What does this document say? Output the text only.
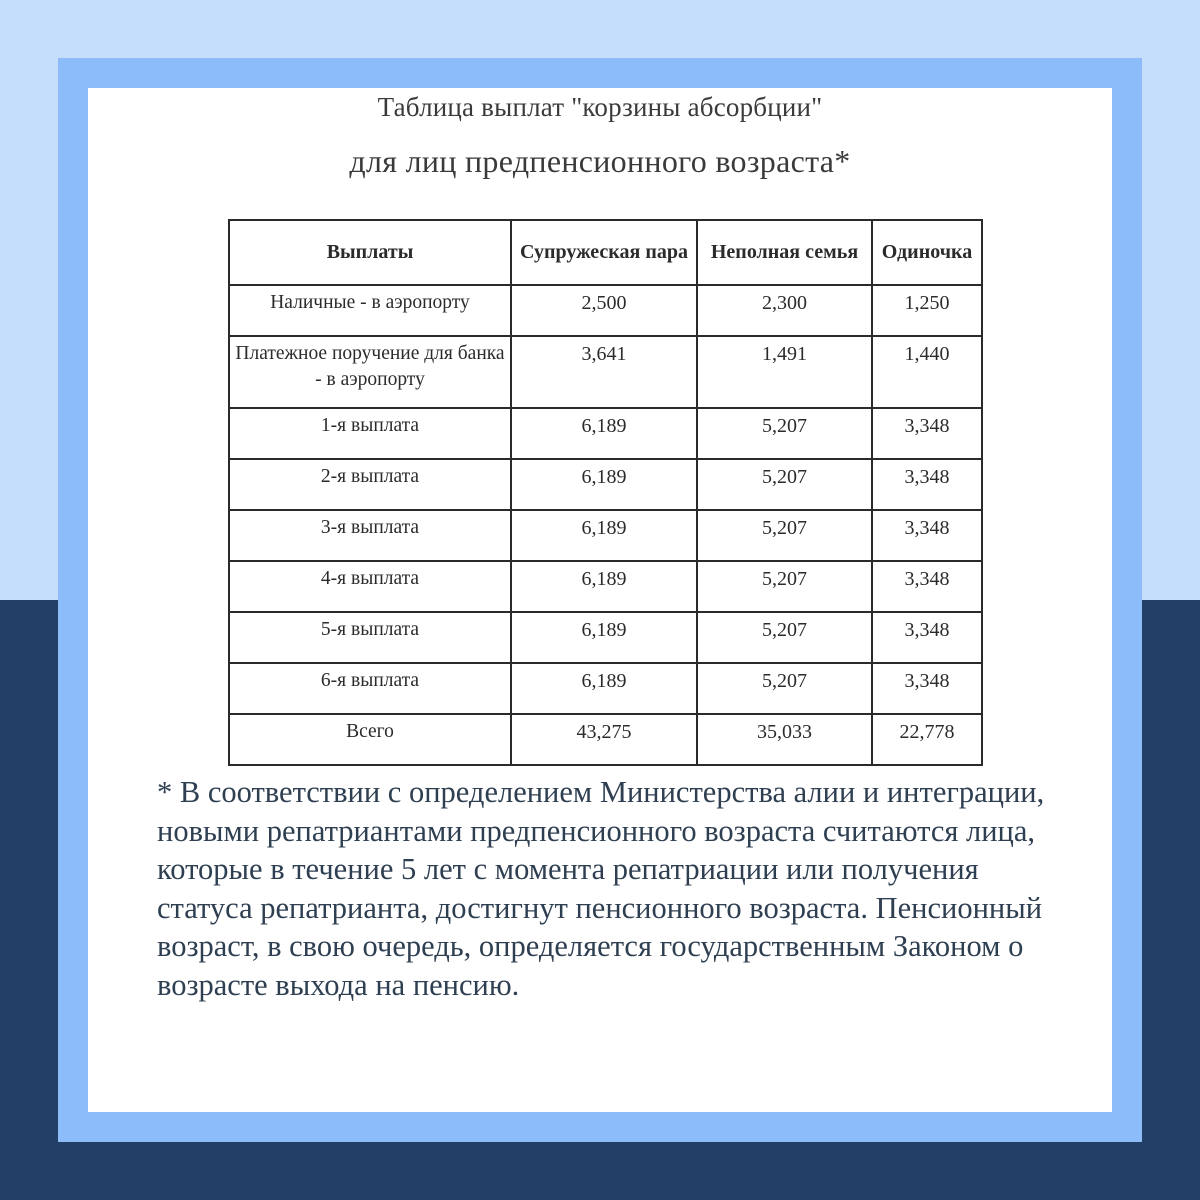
Таблица выплат "корзины абсорбции"
для лиц предпенсионного возраста*
Выплаты	Супружеская пара	Неполная семья	Одиночка
Наличные - в аэропорту	2,500	2,300	1,250
Платежное поручение для банка - в аэропорту	3,641	1,491	1,440
1-я выплата	6,189	5,207	3,348
2-я выплата	6,189	5,207	3,348
3-я выплата	6,189	5,207	3,348
4-я выплата	6,189	5,207	3,348
5-я выплата	6,189	5,207	3,348
6-я выплата	6,189	5,207	3,348
Всего	43,275	35,033	22,778
* В соответствии с определением Министерства алии и интеграции, новыми репатриантами предпенсионного возраста считаются лица, которые в течение 5 лет с момента репатриации или получения статуса репатрианта, достигнут пенсионного возраста. Пенсионный возраст, в свою очередь, определяется государственным Законом о возрасте выхода на пенсию.
